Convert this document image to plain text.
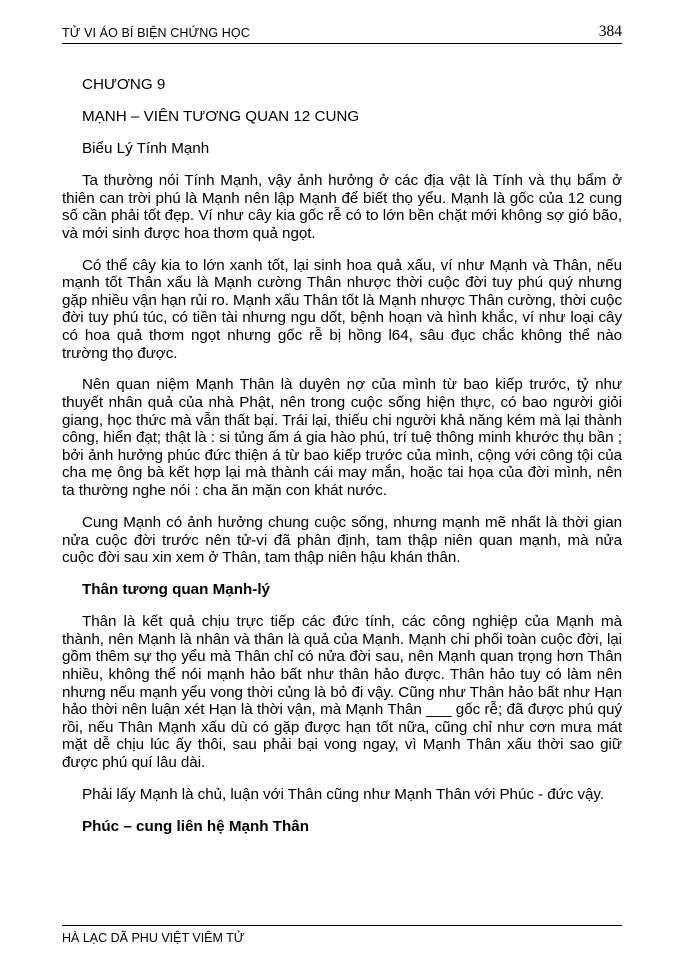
TỬ VI ÁO BÍ BIỆN CHỨNG HỌC	384

CHƯƠNG 9

MẠNH – VIÊN TƯƠNG QUAN 12 CUNG

Biểu Lý Tính Mạnh

Ta thường nói Tính Mạnh, vậy ảnh hưởng ở các địa vật là Tính và thụ bẩm ở thiên can trời phú là Mạnh nên lập Mạnh để biết thọ yểu. Mạnh là gốc của 12 cung số cần phải tốt đẹp. Ví như cây kia gốc rễ có to lớn bền chặt mới không sợ gió bão, và mới sinh được hoa thơm quả ngọt.

Có thể cây kia to lớn xanh tốt, lại sinh hoa quả xấu, ví như Mạnh và Thân, nếu mạnh tốt Thân xấu là Mạnh cường Thân nhược thời cuộc đời tuy phú quý nhưng gặp nhiều vận hạn rủi ro. Mạnh xấu Thân tốt là Mạnh nhược Thân cường, thời cuộc đời tuy phú túc, có tiền tài nhưng ngu dốt, bệnh hoạn và hình khắc, ví như loại cây có hoa quả thơm ngọt nhưng gốc rễ bị hồng l64, sâu đục chắc không thể nào trường thọ được.

Nên quan niệm Mạnh Thân là duyên nợ của mình từ bao kiếp trước, tỷ như thuyết nhân quả của nhà Phật, nên trong cuộc sống hiện thực, có bao người giỏi giang, học thức mà vẫn thất bại. Trái lại, thiếu chi người khả năng kém mà lại thành công, hiển đạt; thật là : si tủng ấm á gia hào phú, trí tuệ thông minh khước thụ bần ; bởi ảnh hưởng phúc đức thiện á từ bao kiếp trước của mình, cộng với công tội của cha mẹ ông bà kết hợp lại mà thành cái may mắn, hoặc tai họa của đời mình, nên ta thường nghe nói : cha ăn mặn con khát nước.

Cung Mạnh có ảnh hưởng chung cuộc sống, nhưng mạnh mẽ nhất là thời gian nửa cuộc đời trước nên tử-vi đã phân định, tam thập niên quan mạnh, mà nửa cuộc đời sau xin xem ở Thân, tam thập niên hậu khán thân.

Thân tương quan Mạnh-lý

Thân là kết quả chịu trực tiếp các đức tính, các công nghiệp của Mạnh mà thành, nên Mạnh là nhân và thân là quả của Mạnh. Mạnh chi phối toàn cuộc đời, lại gồm thêm sự thọ yểu mà Thân chỉ có nửa đời sau, nên Mạnh quan trọng hơn Thân nhiều, không thể nói mạnh hảo bất như thân hảo được. Thân hảo tuy có làm nên nhưng nếu mạnh yểu vong thời củng là bỏ đi vậy. Cũng như Thân hảo bất như Hạn hảo thời nên luận xét Hạn là thời vận, mà Mạnh Thân ___ gốc rễ; đã được phú quý rồi, nếu Thân Mạnh xấu dù có gặp được hạn tốt nữa, cũng chỉ như cơn mưa mát mặt dễ chịu lúc ấy thôi, sau phải bại vong ngay, vì Mạnh Thân xấu thời sao giữ được phú quí lâu dài.

Phải lấy Mạnh là chủ, luận với Thân cũng như Mạnh Thân với Phúc - đức vậy.

Phúc – cung liên hệ Mạnh Thân

HÀ LẠC DÃ PHU VIỆT VIÊM TỬ
